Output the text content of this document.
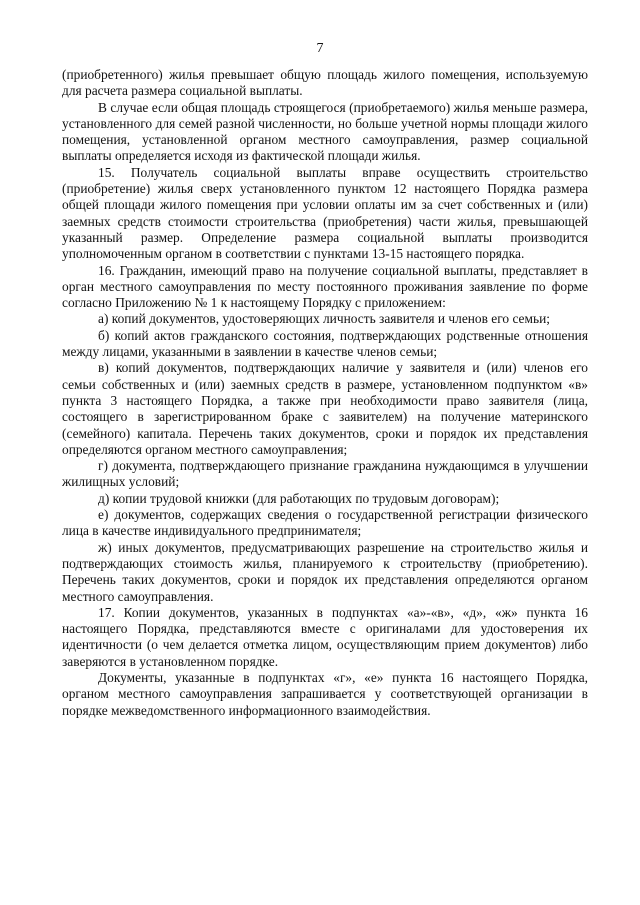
7

(приобретенного) жилья превышает общую площадь жилого помещения, используемую для расчета размера социальной выплаты.

В случае если общая площадь строящегося (приобретаемого) жилья меньше размера, установленного для семей разной численности, но больше учетной нормы площади жилого помещения, установленной органом местного самоуправления, размер социальной выплаты определяется исходя из фактической площади жилья.

15. Получатель социальной выплаты вправе осуществить строительство (приобретение) жилья сверх установленного пунктом 12 настоящего Порядка размера общей площади жилого помещения при условии оплаты им за счет собственных и (или) заемных средств стоимости строительства (приобретения) части жилья, превышающей указанный размер. Определение размера социальной выплаты производится уполномоченным органом в соответствии с пунктами 13-15 настоящего порядка.

16. Гражданин, имеющий право на получение социальной выплаты, представляет в орган местного самоуправления по месту постоянного проживания заявление по форме согласно Приложению № 1 к настоящему Порядку с приложением:

а) копий документов, удостоверяющих личность заявителя и членов его семьи;

б) копий актов гражданского состояния, подтверждающих родственные отношения между лицами, указанными в заявлении в качестве членов семьи;

в) копий документов, подтверждающих наличие у заявителя и (или) членов его семьи собственных и (или) заемных средств в размере, установленном подпунктом «в» пункта 3 настоящего Порядка, а также при необходимости право заявителя (лица, состоящего в зарегистрированном браке с заявителем) на получение материнского (семейного) капитала. Перечень таких документов, сроки и порядок их представления определяются органом местного самоуправления;

г) документа, подтверждающего признание гражданина нуждающимся в улучшении жилищных условий;

д) копии трудовой книжки (для работающих по трудовым договорам);

е) документов, содержащих сведения о государственной регистрации физического лица в качестве индивидуального предпринимателя;

ж) иных документов, предусматривающих разрешение на строительство жилья и подтверждающих стоимость жилья, планируемого к строительству (приобретению). Перечень таких документов, сроки и порядок их представления определяются органом местного самоуправления.

17. Копии документов, указанных в подпунктах «а»-«в», «д», «ж» пункта 16 настоящего Порядка, представляются вместе с оригиналами для удостоверения их идентичности (о чем делается отметка лицом, осуществляющим прием документов) либо заверяются в установленном порядке.

Документы, указанные в подпунктах «г», «е» пункта 16 настоящего Порядка, органом местного самоуправления запрашивается у соответствующей организации в порядке межведомственного информационного взаимодействия.
